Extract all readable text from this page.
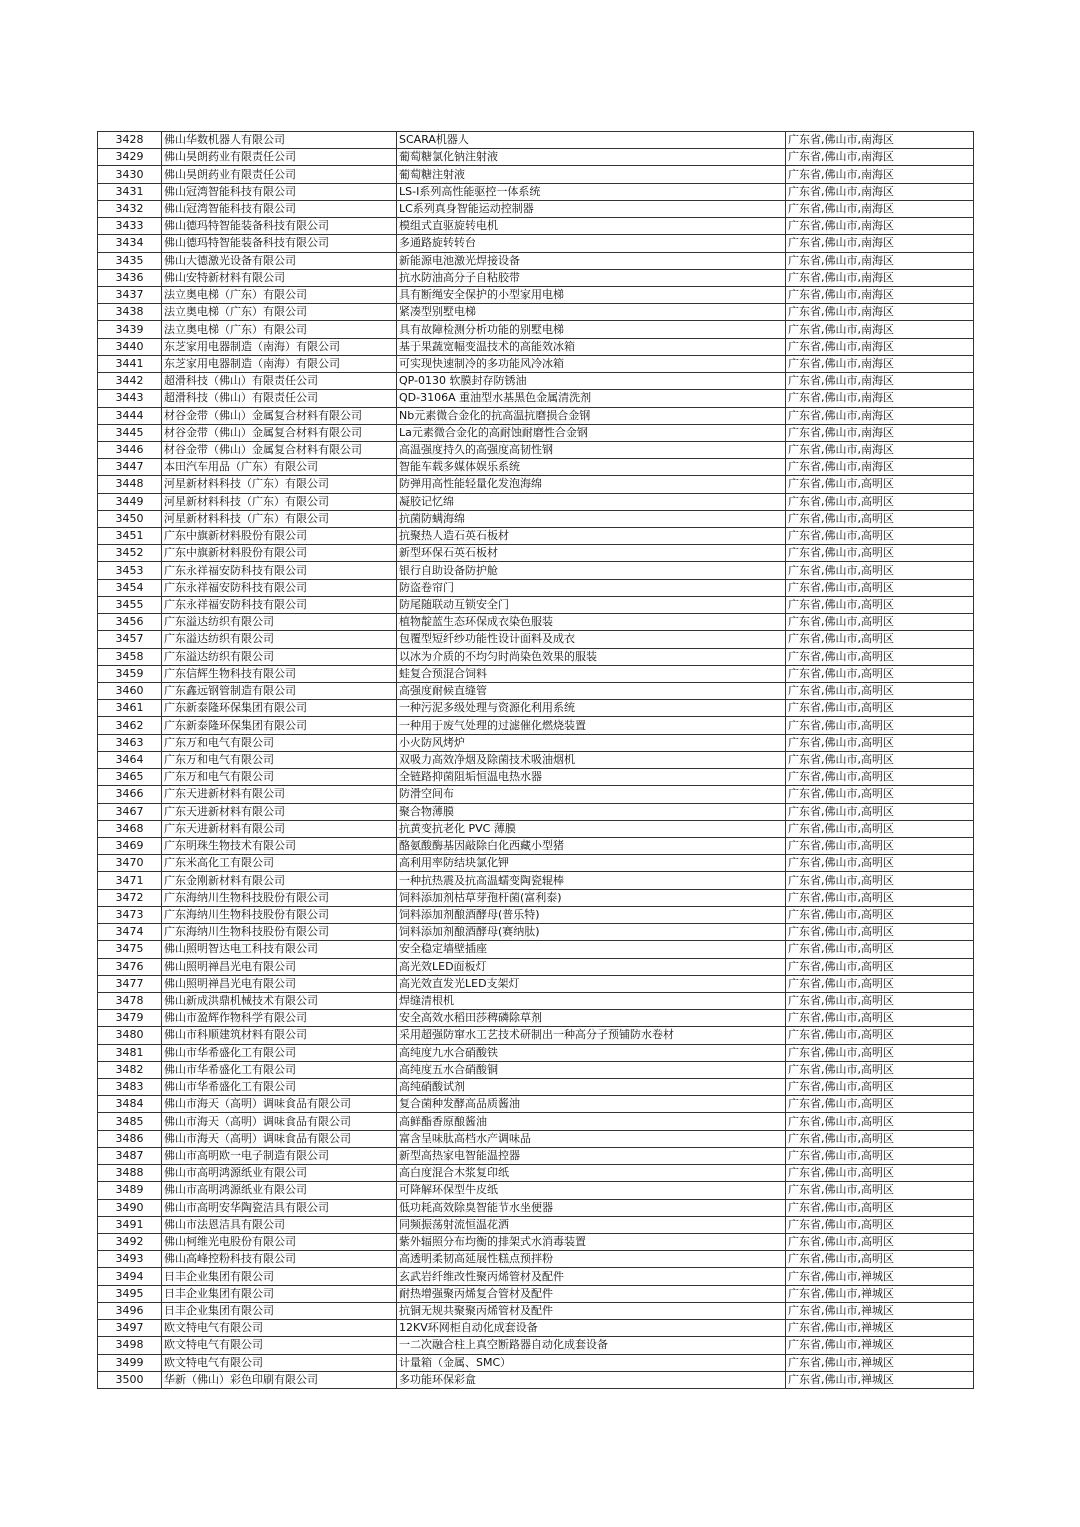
3428	佛山华数机器人有限公司	SCARA机器人	广东省,佛山市,南海区
3429	佛山昊朗药业有限责任公司	葡萄糖氯化钠注射液	广东省,佛山市,南海区
3430	佛山昊朗药业有限责任公司	葡萄糖注射液	广东省,佛山市,南海区
3431	佛山冠湾智能科技有限公司	LS-I系列高性能驱控一体系统	广东省,佛山市,南海区
3432	佛山冠湾智能科技有限公司	LC系列真身智能运动控制器	广东省,佛山市,南海区
3433	佛山德玛特智能装备科技有限公司	模组式直驱旋转电机	广东省,佛山市,南海区
3434	佛山德玛特智能装备科技有限公司	多通路旋转转台	广东省,佛山市,南海区
3435	佛山大德激光设备有限公司	新能源电池激光焊接设备	广东省,佛山市,南海区
3436	佛山安特新材料有限公司	抗水防油高分子自粘胶带	广东省,佛山市,南海区
3437	法立奥电梯（广东）有限公司	具有断绳安全保护的小型家用电梯	广东省,佛山市,南海区
3438	法立奥电梯（广东）有限公司	紧凑型别墅电梯	广东省,佛山市,南海区
3439	法立奥电梯（广东）有限公司	具有故障检测分析功能的别墅电梯	广东省,佛山市,南海区
3440	东芝家用电器制造（南海）有限公司	基于果蔬宽幅变温技术的高能效冰箱	广东省,佛山市,南海区
3441	东芝家用电器制造（南海）有限公司	可实现快速制冷的多功能风冷冰箱	广东省,佛山市,南海区
3442	超滑科技（佛山）有限责任公司	QP-0130 软膜封存防锈油	广东省,佛山市,南海区
3443	超滑科技（佛山）有限责任公司	QD-3106A 重油型水基黑色金属清洗剂	广东省,佛山市,南海区
3444	材谷金带（佛山）金属复合材料有限公司	Nb元素微合金化的抗高温抗磨损合金钢	广东省,佛山市,南海区
3445	材谷金带（佛山）金属复合材料有限公司	La元素微合金化的高耐蚀耐磨性合金钢	广东省,佛山市,南海区
3446	材谷金带（佛山）金属复合材料有限公司	高温强度持久的高强度高韧性钢	广东省,佛山市,南海区
3447	本田汽车用品（广东）有限公司	智能车载多媒体娱乐系统	广东省,佛山市,南海区
3448	河星新材料科技（广东）有限公司	防弹用高性能轻量化发泡海绵	广东省,佛山市,高明区
3449	河星新材料科技（广东）有限公司	凝胶记忆绵	广东省,佛山市,高明区
3450	河星新材料科技（广东）有限公司	抗菌防螨海绵	广东省,佛山市,高明区
3451	广东中旗新材料股份有限公司	抗聚热人造石英石板材	广东省,佛山市,高明区
3452	广东中旗新材料股份有限公司	新型环保石英石板材	广东省,佛山市,高明区
3453	广东永祥福安防科技有限公司	银行自助设备防护舱	广东省,佛山市,高明区
3454	广东永祥福安防科技有限公司	防盗卷帘门	广东省,佛山市,高明区
3455	广东永祥福安防科技有限公司	防尾随联动互锁安全门	广东省,佛山市,高明区
3456	广东溢达纺织有限公司	植物靛蓝生态环保成衣染色服装	广东省,佛山市,高明区
3457	广东溢达纺织有限公司	包覆型短纤纱功能性设计面料及成衣	广东省,佛山市,高明区
3458	广东溢达纺织有限公司	以冰为介质的不均匀时尚染色效果的服装	广东省,佛山市,高明区
3459	广东信辉生物科技有限公司	蛙复合预混合饲料	广东省,佛山市,高明区
3460	广东鑫远钢管制造有限公司	高强度耐候直缝管	广东省,佛山市,高明区
3461	广东新泰隆环保集团有限公司	一种污泥多级处理与资源化利用系统	广东省,佛山市,高明区
3462	广东新泰隆环保集团有限公司	一种用于废气处理的过滤催化燃烧装置	广东省,佛山市,高明区
3463	广东万和电气有限公司	小火防风烤炉	广东省,佛山市,高明区
3464	广东万和电气有限公司	双吸力高效净烟及除菌技术吸油烟机	广东省,佛山市,高明区
3465	广东万和电气有限公司	全链路抑菌阻垢恒温电热水器	广东省,佛山市,高明区
3466	广东天进新材料有限公司	防滑空间布	广东省,佛山市,高明区
3467	广东天进新材料有限公司	聚合物薄膜	广东省,佛山市,高明区
3468	广东天进新材料有限公司	抗黄变抗老化 PVC 薄膜	广东省,佛山市,高明区
3469	广东明珠生物技术有限公司	酪氨酸酶基因敲除白化西藏小型猪	广东省,佛山市,高明区
3470	广东米高化工有限公司	高利用率防结块氯化钾	广东省,佛山市,高明区
3471	广东金刚新材料有限公司	一种抗热震及抗高温蠕变陶瓷辊棒	广东省,佛山市,高明区
3472	广东海纳川生物科技股份有限公司	饲料添加剂枯草芽孢杆菌(富利泰)	广东省,佛山市,高明区
3473	广东海纳川生物科技股份有限公司	饲料添加剂酿酒酵母(普乐特)	广东省,佛山市,高明区
3474	广东海纳川生物科技股份有限公司	饲料添加剂酿酒酵母(赛纳肽)	广东省,佛山市,高明区
3475	佛山照明智达电工科技有限公司	安全稳定墙壁插座	广东省,佛山市,高明区
3476	佛山照明禅昌光电有限公司	高光效LED面板灯	广东省,佛山市,高明区
3477	佛山照明禅昌光电有限公司	高光效直发光LED支架灯	广东省,佛山市,高明区
3478	佛山新成洪鼎机械技术有限公司	焊缝清根机	广东省,佛山市,高明区
3479	佛山市盈辉作物科学有限公司	安全高效水稻田莎稗磷除草剂	广东省,佛山市,高明区
3480	佛山市科顺建筑材料有限公司	采用超强防窜水工艺技术研制出一种高分子预铺防水卷材	广东省,佛山市,高明区
3481	佛山市华希盛化工有限公司	高纯度九水合硝酸铁	广东省,佛山市,高明区
3482	佛山市华希盛化工有限公司	高纯度五水合硝酸铜	广东省,佛山市,高明区
3483	佛山市华希盛化工有限公司	高纯硝酸试剂	广东省,佛山市,高明区
3484	佛山市海天（高明）调味食品有限公司	复合菌种发酵高品质酱油	广东省,佛山市,高明区
3485	佛山市海天（高明）调味食品有限公司	高鲜酯香原酿酱油	广东省,佛山市,高明区
3486	佛山市海天（高明）调味食品有限公司	富含呈味肽高档水产调味品	广东省,佛山市,高明区
3487	佛山市高明欧一电子制造有限公司	新型高热家电智能温控器	广东省,佛山市,高明区
3488	佛山市高明鸿源纸业有限公司	高白度混合木浆复印纸	广东省,佛山市,高明区
3489	佛山市高明鸿源纸业有限公司	可降解环保型牛皮纸	广东省,佛山市,高明区
3490	佛山市高明安华陶瓷洁具有限公司	低功耗高效除臭智能节水坐便器	广东省,佛山市,高明区
3491	佛山市法恩洁具有限公司	同频振荡射流恒温花洒	广东省,佛山市,高明区
3492	佛山柯维光电股份有限公司	紫外辐照分布均衡的排架式水消毒装置	广东省,佛山市,高明区
3493	佛山高峰控粉科技有限公司	高透明柔韧高延展性糕点预拌粉	广东省,佛山市,高明区
3494	日丰企业集团有限公司	玄武岩纤维改性聚丙烯管材及配件	广东省,佛山市,禅城区
3495	日丰企业集团有限公司	耐热增强聚丙烯复合管材及配件	广东省,佛山市,禅城区
3496	日丰企业集团有限公司	抗铜无规共聚聚丙烯管材及配件	广东省,佛山市,禅城区
3497	欧文特电气有限公司	12KV环网柜自动化成套设备	广东省,佛山市,禅城区
3498	欧文特电气有限公司	一二次融合柱上真空断路器自动化成套设备	广东省,佛山市,禅城区
3499	欧文特电气有限公司	计量箱（金属、SMC）	广东省,佛山市,禅城区
3500	华新（佛山）彩色印刷有限公司	多功能环保彩盒	广东省,佛山市,禅城区
